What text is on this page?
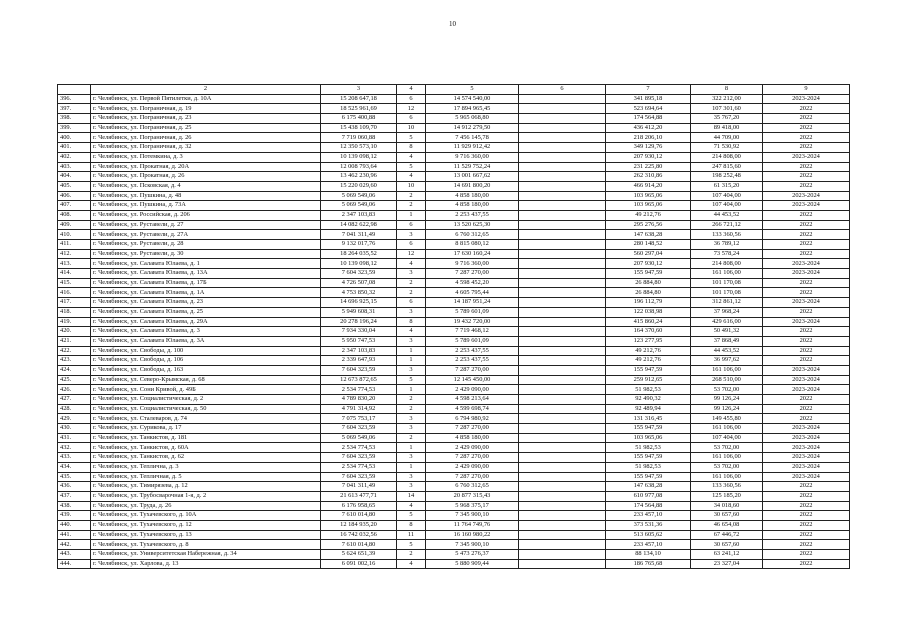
10
	2	3	4	5	6	7	8	9
396.	г. Челябинск, ул. Первой Пятилетки, д. 10А	15 208 647,18	6	14 574 540,00		341 895,18	322 212,00	2023-2024
397.	г. Челябинск, ул. Пограничная, д. 19	18 525 961,69	12	17 894 965,45		523 694,64	107 301,60	2022
398.	г. Челябинск, ул. Пограничная, д. 23	6 175 400,88	6	5 965 068,80		174 564,88	35 767,20	2022
399.	г. Челябинск, ул. Пограничная, д. 25	15 438 109,70	10	14 912 279,50		436 412,20	89 418,00	2022
400.	г. Челябинск, ул. Пограничная, д. 26	7 719 060,88	5	7 456 145,78		218 206,10	44 709,00	2022
401.	г. Челябинск, ул. Пограничная, д. 32	12 350 573,10	8	11 929 912,42		349 129,76	71 530,92	2022
402.	г. Челябинск, ул. Потемкина, д. 3	10 139 098,12	4	9 716 360,00		207 930,12	214 808,00	2023-2024
403.	г. Челябинск, ул. Прокатная, д. 20А	12 008 793,64	5	11 529 752,24		231 225,80	247 815,60	2022
404.	г. Челябинск, ул. Прокатная, д. 26	13 462 230,96	4	13 001 667,62		262 310,86	198 252,48	2022
405.	г. Челябинск, ул. Псковская, д. 4	15 220 029,60	10	14 691 800,20		466 914,20	61 315,20	2022
406.	г. Челябинск, ул. Пушкина, д. 48	5 069 549,06	2	4 858 180,00		103 965,06	107 404,00	2023-2024
407.	г. Челябинск, ул. Пушкина, д. 73А	5 069 549,06	2	4 858 180,00		103 965,06	107 404,00	2023-2024
408.	г. Челябинск, ул. Российская, д. 206	2 347 103,83	1	2 253 437,55		49 212,76	44 453,52	2022
409.	г. Челябинск, ул. Руставели, д. 27	14 082 622,98	6	13 520 625,30		295 276,56	266 721,12	2022
410.	г. Челябинск, ул. Руставели, д. 27А	7 041 311,49	3	6 760 312,65		147 638,28	133 360,56	2022
411.	г. Челябинск, ул. Руставели, д. 28	9 132 017,76	6	8 815 080,12		280 148,52	36 789,12	2022
412.	г. Челябинск, ул. Руставели, д. 30	18 264 035,52	12	17 630 160,24		560 297,04	73 578,24	2022
413.	г. Челябинск, ул. Салавата Юлаева, д. 1	10 139 098,12	4	9 716 360,00		207 930,12	214 808,00	2023-2024
414.	г. Челябинск, ул. Салавата Юлаева, д. 13А	7 604 323,59	3	7 287 270,00		155 947,59	161 106,00	2023-2024
415.	г. Челябинск, ул. Салавата Юлаева, д. 17Б	4 726 507,08	2	4 598 452,20		26 884,80	101 170,08	2022
416.	г. Челябинск, ул. Салавата Юлаева, д. 1А	4 753 850,32	2	4 605 795,44		26 884,80	101 170,08	2022
417.	г. Челябинск, ул. Салавата Юлаева, д. 23	14 696 925,15	6	14 187 951,24		196 112,79	312 861,12	2023-2024
418.	г. Челябинск, ул. Салавата Юлаева, д. 25	5 949 608,31	3	5 789 601,09		122 038,98	37 968,24	2022
419.	г. Челябинск, ул. Салавата Юлаева, д. 29А	20 278 196,24	8	19 432 720,00		415 860,24	429 616,00	2023-2024
420.	г. Челябинск, ул. Салавата Юлаева, д. 3	7 934 330,04	4	7 719 468,12		164 370,60	50 491,32	2022
421.	г. Челябинск, ул. Салавата Юлаева, д. 3А	5 950 747,53	3	5 789 601,09		123 277,95	37 868,49	2022
422.	г. Челябинск, ул. Свободы, д. 100	2 347 103,83	1	2 253 437,55		49 212,76	44 453,52	2022
423.	г. Челябинск, ул. Свободы, д. 106	2 339 647,93	1	2 253 437,55		49 212,76	36 997,62	2022
424.	г. Челябинск, ул. Свободы, д. 163	7 604 323,59	3	7 287 270,00		155 947,59	161 106,00	2023-2024
425.	г. Челябинск, ул. Северо-Крымская, д. 68	12 673 872,65	5	12 145 450,00		259 912,65	268 510,00	2023-2024
426.	г. Челябинск, ул. Сони Кривой, д. 49Б	2 534 774,53	1	2 429 090,00		51 982,53	53 702,00	2023-2024
427.	г. Челябинск, ул. Социалистическая, д. 2	4 789 830,20	2	4 598 213,64		92 490,32	99 126,24	2022
428.	г. Челябинск, ул. Социалистическая, д. 50	4 791 314,92	2	4 599 698,74		92 489,94	99 126,24	2022
429.	г. Челябинск, ул. Сталеваров, д. 74	7 075 753,17	3	6 794 980,92		131 316,45	149 455,80	2022
430.	г. Челябинск, ул. Сурикова, д. 17	7 604 323,59	3	7 287 270,00		155 947,59	161 106,00	2023-2024
431.	г. Челябинск, ул. Танкистов, д. 181	5 069 549,06	2	4 858 180,00		103 965,06	107 404,00	2023-2024
432.	г. Челябинск, ул. Танкистов, д. 60А	2 534 774,53	1	2 429 090,00		51 982,53	53 702,00	2023-2024
433.	г. Челябинск, ул. Танкистов, д. 62	7 604 323,59	3	7 287 270,00		155 947,59	161 106,00	2023-2024
434.	г. Челябинск, ул. Теплична, д. 3	2 534 774,53	1	2 429 090,00		51 982,53	53 702,00	2023-2024
435.	г. Челябинск, ул. Тепличная, д. 5	7 604 323,59	3	7 287 270,00		155 947,59	161 106,00	2023-2024
436.	г. Челябинск, ул. Тимирязева, д. 12	7 041 311,49	3	6 760 312,65		147 638,28	133 360,56	2022
437.	г. Челябинск, ул. Трубосварочная 1-я, д. 2	21 613 477,71	14	20 877 315,43		610 977,08	125 185,20	2022
438.	г. Челябинск, ул. Труда, д. 26	6 176 958,65	4	5 968 375,17		174 564,88	34 018,60	2022
439.	г. Челябинск, ул. Тухачевского, д. 10А	7 610 014,80	5	7 345 900,10		233 457,10	30 657,60	2022
440.	г. Челябинск, ул. Тухачевского, д. 12	12 184 935,20	8	11 764 749,76		373 531,36	46 654,08	2022
441.	г. Челябинск, ул. Тухачевского, д. 13	16 742 032,56	11	16 160 980,22		513 605,62	67 446,72	2022
442.	г. Челябинск, ул. Тухачевского, д. 8	7 610 014,80	5	7 345 900,10		233 457,10	30 657,60	2022
443.	г. Челябинск, ул. Университетская Набережная, д. 34	5 624 651,39	2	5 473 276,37		88 134,10	63 241,12	2022
444.	г. Челябинск, ул. Харлова, д. 13	6 091 002,16	4	5 880 909,44		186 765,68	23 327,04	2022
